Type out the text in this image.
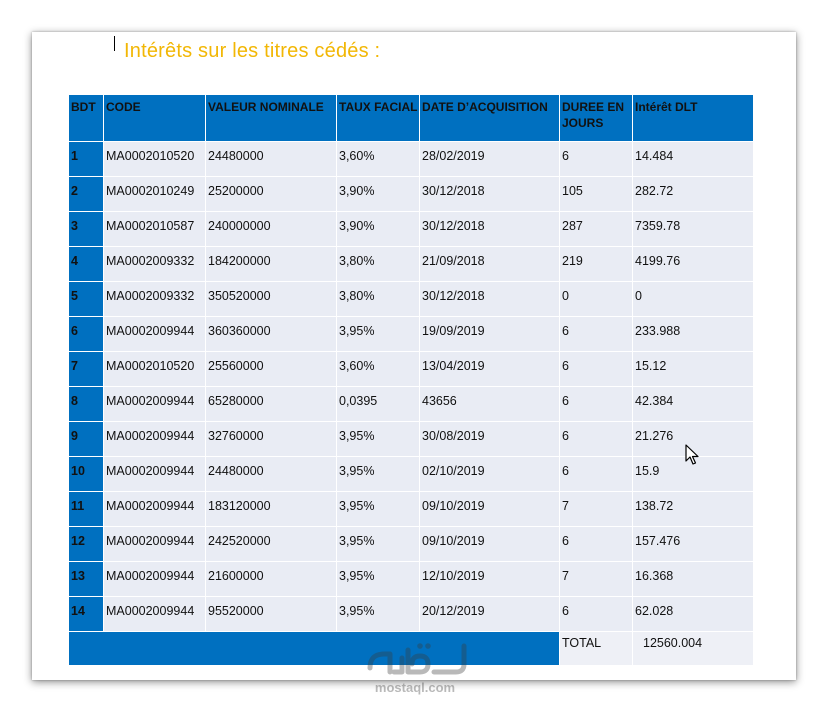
Intérêts sur les titres cédés :
BDT	CODE	VALEUR NOMINALE	TAUX FACIAL	DATE D’ACQUISITION	DUREE EN JOURS	Intérêt DLT
1	MA0002010520	24480000	3,60%	28/02/2019	6	14.484
2	MA0002010249	25200000	3,90%	30/12/2018	105	282.72
3	MA0002010587	240000000	3,90%	30/12/2018	287	7359.78
4	MA0002009332	184200000	3,80%	21/09/2018	219	4199.76
5	MA0002009332	350520000	3,80%	30/12/2018	0	0
6	MA0002009944	360360000	3,95%	19/09/2019	6	233.988
7	MA0002010520	25560000	3,60%	13/04/2019	6	15.12
8	MA0002009944	65280000	0,0395	43656	6	42.384
9	MA0002009944	32760000	3,95%	30/08/2019	6	21.276
10	MA0002009944	24480000	3,95%	02/10/2019	6	15.9
11	MA0002009944	183120000	3,95%	09/10/2019	7	138.72
12	MA0002009944	242520000	3,95%	09/10/2019	6	157.476
13	MA0002009944	21600000	3,95%	12/10/2019	7	16.368
14	MA0002009944	95520000	3,95%	20/12/2019	6	62.028
					TOTAL	12560.004
mostaql.com
